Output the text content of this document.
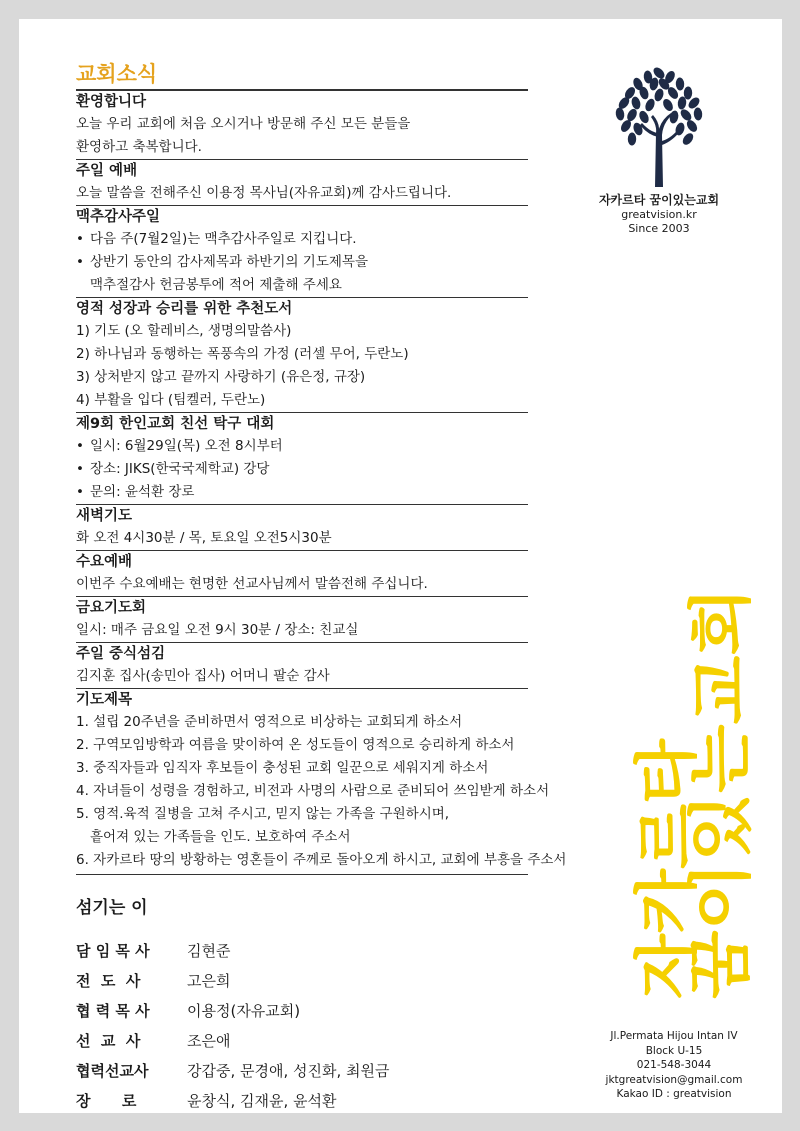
교회소식
환영합니다
오늘 우리 교회에 처음 오시거나 방문해 주신 모든 분들을
환영하고 축복합니다.
주일 예배
오늘 말씀을 전해주신 이용정 목사님(자유교회)께 감사드립니다.
맥추감사주일
• 다음 주(7월2일)는 맥추감사주일로 지킵니다.
• 상반기 동안의 감사제목과 하반기의 기도제목을
맥추절감사 헌금봉투에 적어 제출해 주세요
영적 성장과 승리를 위한 추천도서
1) 기도 (오 할레비스, 생명의말씀사)
2) 하나님과 동행하는 폭풍속의 가정 (러셀 무어, 두란노)
3) 상처받지 않고 끝까지 사랑하기 (유은정, 규장)
4) 부활을 입다 (팀켈러, 두란노)
제9회 한인교회 친선 탁구 대회
• 일시: 6월29일(목) 오전 8시부터
• 장소: JIKS(한국국제학교) 강당
• 문의: 윤석환 장로
새벽기도
화 오전 4시30분 / 목, 토요일 오전5시30분
수요예배
이번주 수요예배는 현명한 선교사님께서 말씀전해 주십니다.
금요기도회
일시: 매주 금요일 오전 9시 30분 / 장소: 친교실
주일 중식섬김
김지훈 집사(송민아 집사) 어머니 팔순 감사
기도제목
1. 설립 20주년을 준비하면서 영적으로 비상하는 교회되게 하소서
2. 구역모임방학과 여름을 맞이하여 온 성도들이 영적으로 승리하게 하소서
3. 중직자들과 임직자 후보들이 충성된 교회 일꾼으로 세워지게 하소서
4. 자녀들이 성령을 경험하고, 비전과 사명의 사람으로 준비되어 쓰임받게 하소서
5. 영적.육적 질병을 고쳐 주시고, 믿지 않는 가족을 구원하시며,
흩어져 있는 가족들을 인도. 보호하여 주소서
6. 자카르타 땅의 방황하는 영혼들이 주께로 돌아오게 하시고, 교회에 부흥을 주소서
섬기는 이
담 임 목 사	김현준
전  도  사	고은희
협 력 목 사	이용정(자유교회)
선  교  사	조은애
협력선교사	강갑중, 문경애, 성진화, 최원금
장      로	윤창식, 김재윤, 윤석환
자카르타 꿈이있는교회
greatvision.kr
Since 2003
자카르타
꿈이있는교회
Jl.Permata Hijou Intan IV
Block U-15
021-548-3044
jktgreatvision@gmail.com
Kakao ID : greatvision
